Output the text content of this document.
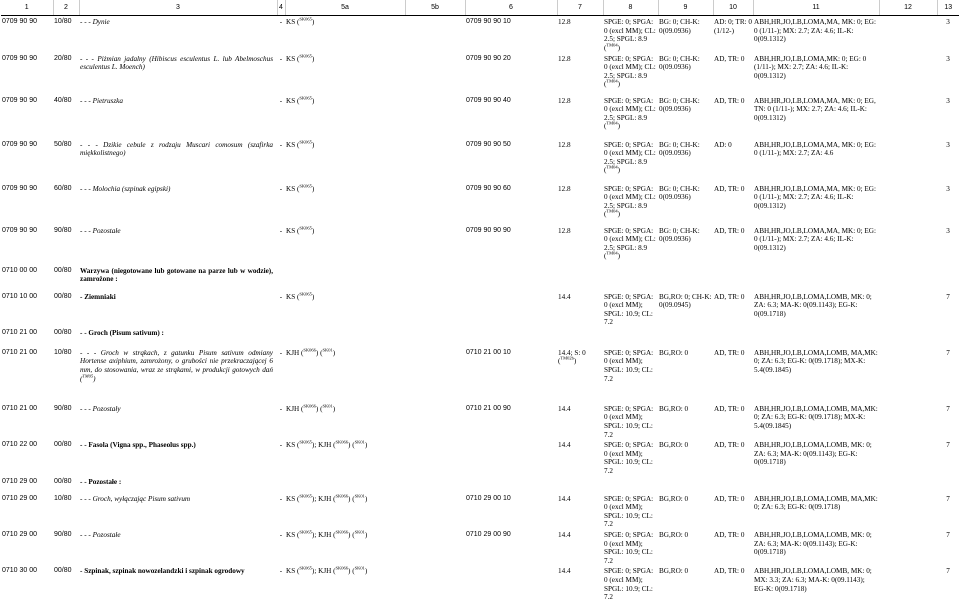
1	2	3	4	5a	5b	6	7	8	9	10	11	12	13
0709 90 90	10/80	- - - Dynie	-	KS ($^{SK065}$)		0709 90 90 10	12.8	SPGE: 0; SPGA: 0 (excl MM); CL: 2.5; SPGL: 8.9 ($^{TM04}$)	BG: 0; CH-K: 0(09.0936)	AD: 0; TR: 0 (1/12-)	ABH,HR,JO,LB,LOMA,MA, MK: 0; EG: 0 (1/11-); MX: 2.7; ZA: 4.6; IL-K: 0(09.1312)		3
0709 90 90	20/80	- - - Piżmian jadalny (Hibiscus esculentus L. lub Abelmoschus esculentus L. Moench)	-	KS ($^{SK065}$)		0709 90 90 20	12.8	SPGE: 0; SPGA: 0 (excl MM); CL: 2.5; SPGL: 8.9 ($^{TM04}$)	BG: 0; CH-K: 0(09.0936)	AD, TR: 0	ABH,HR,JO,LB,LOMA,MK: 0; EG: 0 (1/11-); MX: 2.7; ZA: 4.6; IL-K: 0(09.1312)		3
0709 90 90	40/80	- - - Pietruszka	-	KS ($^{SK065}$)		0709 90 90 40	12.8	SPGE: 0; SPGA: 0 (excl MM); CL: 2.5; SPGL: 8.9 ($^{TM04}$)	BG: 0; CH-K: 0(09.0936)	AD, TR: 0	ABH,HR,JO,LB,LOMA,MA, MK: 0; EG, TN: 0 (1/11-); MX: 2.7; ZA: 4.6; IL-K: 0(09.1312)		3
0709 90 90	50/80	- - - Dzikie cebule z rodzaju Muscari comosum (szafirka miękkolistnego)	-	KS ($^{SK065}$)		0709 90 90 50	12.8	SPGE: 0; SPGA: 0 (excl MM); CL: 2.5; SPGL: 8.9 ($^{TM04}$)	BG: 0; CH-K: 0(09.0936)	AD: 0	ABH,HR,JO,LB,LOMA,MA, MK: 0; EG: 0 (1/11-); MX: 2.7; ZA: 4.6		3
0709 90 90	60/80	- - - Molochia (szpinak egipski)	-	KS ($^{SK065}$)		0709 90 90 60	12.8	SPGE: 0; SPGA: 0 (excl MM); CL: 2.5; SPGL: 8.9 ($^{TM04}$)	BG: 0; CH-K: 0(09.0936)	AD, TR: 0	ABH,HR,JO,LB,LOMA,MA, MK: 0; EG: 0 (1/11-); MX: 2.7; ZA: 4.6; IL-K: 0(09.1312)		3
0709 90 90	90/80	- - - Pozostałe	-	KS ($^{SK065}$)		0709 90 90 90	12.8	SPGE: 0; SPGA: 0 (excl MM); CL: 2.5; SPGL: 8.9 ($^{TM04}$)	BG: 0; CH-K: 0(09.0936)	AD, TR: 0	ABH,HR,JO,LB,LOMA,MA, MK: 0; EG: 0 (1/11-); MX: 2.7; ZA: 4.6; IL-K: 0(09.1312)		3
0710 00 00	00/80	Warzywa (niegotowane lub gotowane na parze lub w wodzie), zamrożone :											
0710 10 00	00/80	- Ziemniaki	-	KS ($^{SK065}$)			14.4	SPGE: 0; SPGA: 0 (excl MM); SPGL: 10.9; CL: 7.2	BG,RO: 0; CH-K: 0(09.0945)	AD, TR: 0	ABH,HR,JO,LB,LOMA,LOMB, MK: 0; ZA: 6.3; MA-K: 0(09.1143); EG-K: 0(09.1718)		7
0710 21 00	00/80	- - Groch (Pisum sativum) :											
0710 21 00	10/80	- - - Groch w strąkach, z gatunku Pisum sativum odmiany Hortense axiphium, zamrożony, o grubości nie przekraczającej 6 mm, do stosowania, wraz ze strąkami, w produkcji gotowych dań ($^{TM05}$)	-	KJH ($^{SK066}$) ($^{SK01}$)		0710 21 00 10	14.4; S: 0 ($^{TM02b}$)	SPGE: 0; SPGA: 0 (excl MM); SPGL: 10.9; CL: 7.2	BG,RO: 0	AD, TR: 0	ABH,HR,JO,LB,LOMA,LOMB, MA,MK: 0; ZA: 6.3; EG-K: 0(09.1718); MX-K: 5.4(09.1845)		7
0710 21 00	90/80	- - - Pozostały	-	KJH ($^{SK066}$) ($^{SK01}$)		0710 21 00 90	14.4	SPGE: 0; SPGA: 0 (excl MM); SPGL: 10.9; CL: 7.2	BG,RO: 0	AD, TR: 0	ABH,HR,JO,LB,LOMA,LOMB, MA,MK: 0; ZA: 6.3; EG-K: 0(09.1718); MX-K: 5.4(09.1845)		7
0710 22 00	00/80	- - Fasola (Vigna spp., Phaseolus spp.)	-	KS ($^{SK065}$); KJH ($^{SK066}$) ($^{SK01}$)			14.4	SPGE: 0; SPGA: 0 (excl MM); SPGL: 10.9; CL: 7.2	BG,RO: 0	AD, TR: 0	ABH,HR,JO,LB,LOMA,LOMB, MK: 0; ZA: 6.3; MA-K: 0(09.1143); EG-K: 0(09.1718)		7
0710 29 00	00/80	- - Pozostałe :											
0710 29 00	10/80	- - - Groch, wyłączając Pisum sativum	-	KS ($^{SK065}$); KJH ($^{SK066}$) ($^{SK01}$)		0710 29 00 10	14.4	SPGE: 0; SPGA: 0 (excl MM); SPGL: 10.9; CL: 7.2	BG,RO: 0	AD, TR: 0	ABH,HR,JO,LB,LOMA,LOMB, MA,MK: 0; ZA: 6.3; EG-K: 0(09.1718)		7
0710 29 00	90/80	- - - Pozostałe	-	KS ($^{SK065}$); KJH ($^{SK066}$) ($^{SK01}$)		0710 29 00 90	14.4	SPGE: 0; SPGA: 0 (excl MM); SPGL: 10.9; CL: 7.2	BG,RO: 0	AD, TR: 0	ABH,HR,JO,LB,LOMA,LOMB, MK: 0; ZA: 6.3; MA-K: 0(09.1143); EG-K: 0(09.1718)		7
0710 30 00	00/80	- Szpinak, szpinak nowozelandzki i szpinak ogrodowy	-	KS ($^{SK065}$); KJH ($^{SK066}$) ($^{SK01}$)			14.4	SPGE: 0; SPGA: 0 (excl MM); SPGL: 10.9; CL: 7.2	BG,RO: 0	AD, TR: 0	ABH,HR,JO,LB,LOMA,LOMB, MK: 0; MX: 3.3; ZA: 6.3; MA-K: 0(09.1143); EG-K: 0(09.1718)		7
